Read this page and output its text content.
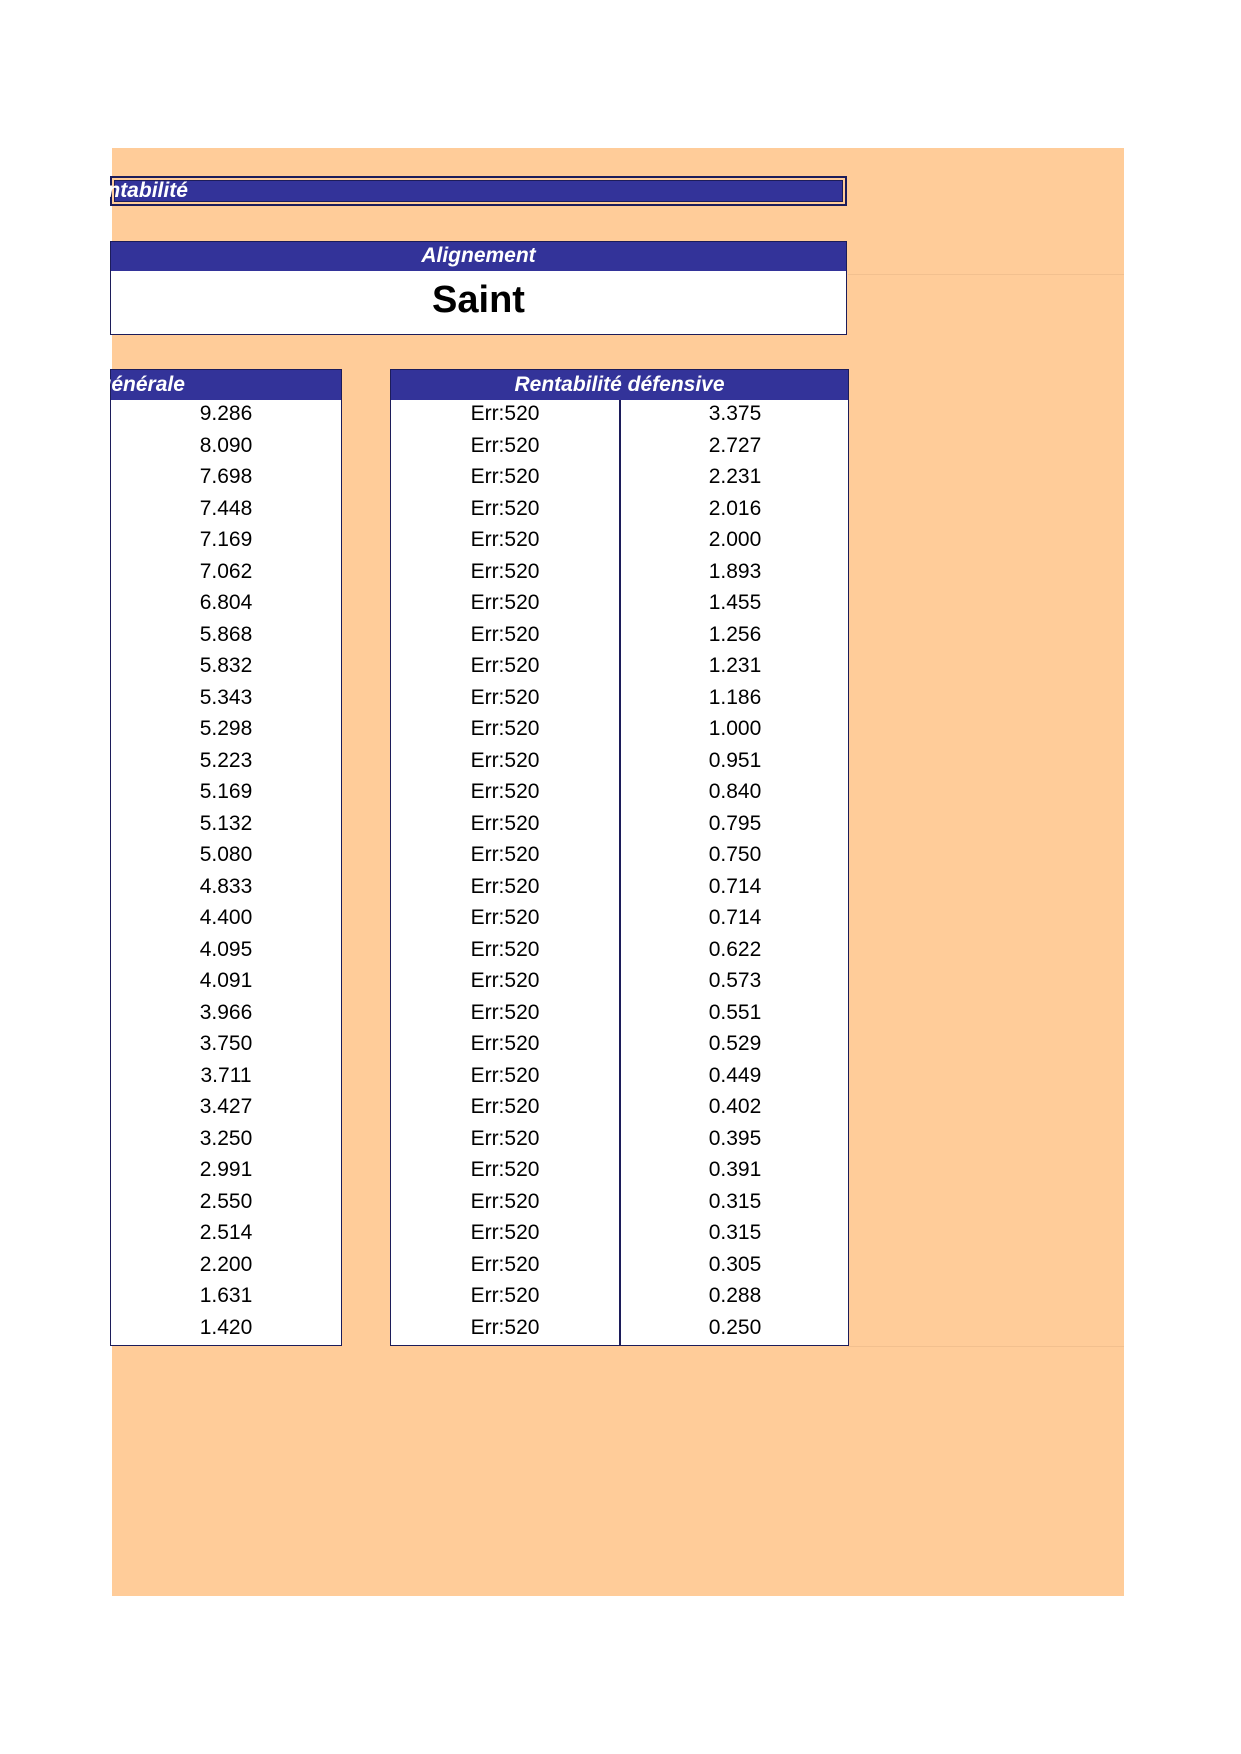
e rentabilité
Alignement
Saint
é générale
9.286
8.090
7.698
7.448
7.169
7.062
6.804
5.868
5.832
5.343
5.298
5.223
5.169
5.132
5.080
4.833
4.400
4.095
4.091
3.966
3.750
3.711
3.427
3.250
2.991
2.550
2.514
2.200
1.631
1.420
Rentabilité défensive
Err:520
Err:520
Err:520
Err:520
Err:520
Err:520
Err:520
Err:520
Err:520
Err:520
Err:520
Err:520
Err:520
Err:520
Err:520
Err:520
Err:520
Err:520
Err:520
Err:520
Err:520
Err:520
Err:520
Err:520
Err:520
Err:520
Err:520
Err:520
Err:520
Err:520
3.375
2.727
2.231
2.016
2.000
1.893
1.455
1.256
1.231
1.186
1.000
0.951
0.840
0.795
0.750
0.714
0.714
0.622
0.573
0.551
0.529
0.449
0.402
0.395
0.391
0.315
0.315
0.305
0.288
0.250
